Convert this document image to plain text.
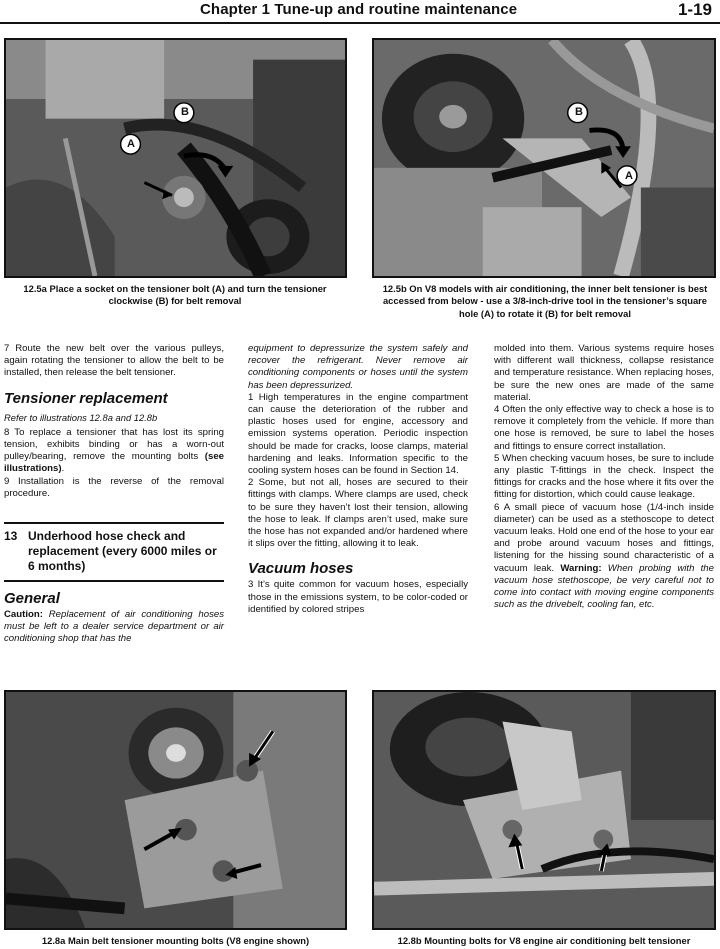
Chapter 1 Tune-up and routine maintenance	1-19
A
B
12.5a Place a socket on the tensioner bolt (A) and turn the tensioner clockwise (B) for belt removal
B
A
12.5b On V8 models with air conditioning, the inner belt tensioner is best accessed from below - use a 3/8-inch-drive tool in the tensioner’s square hole (A) to rotate it (B) for belt removal

7 Route the new belt over the various pulleys, again rotating the tensioner to allow the belt to be installed, then release the belt tensioner.

Tensioner replacement
Refer to illustrations 12.8a and 12.8b

8 To replace a tensioner that has lost its spring tension, exhibits binding or has a worn-out pulley/bearing, remove the mounting bolts (see illustrations).

9 Installation is the reverse of the removal procedure.

13 Underhood hose check and replacement (every 6000 miles or 6 months)
General

Caution: Replacement of air conditioning hoses must be left to a dealer service department or air conditioning shop that has the

equipment to depressurize the system safely and recover the refrigerant. Never remove air conditioning components or hoses until the system has been depressurized.

1 High temperatures in the engine compartment can cause the deterioration of the rubber and plastic hoses used for engine, accessory and emission systems operation. Periodic inspection should be made for cracks, loose clamps, material hardening and leaks. Information specific to the cooling system hoses can be found in Section 14.

2 Some, but not all, hoses are secured to their fittings with clamps. Where clamps are used, check to be sure they haven’t lost their tension, allowing the hose to leak. If clamps aren’t used, make sure the hose has not expanded and/or hardened where it slips over the fitting, allowing it to leak.

Vacuum hoses

3 It’s quite common for vacuum hoses, especially those in the emissions system, to be color-coded or identified by colored stripes

molded into them. Various systems require hoses with different wall thickness, collapse resistance and temperature resistance. When replacing hoses, be sure the new ones are made of the same material.

4 Often the only effective way to check a hose is to remove it completely from the vehicle. If more than one hose is removed, be sure to label the hoses and fittings to ensure correct installation.

5 When checking vacuum hoses, be sure to include any plastic T-fittings in the check. Inspect the fittings for cracks and the hose where it fits over the fitting for distortion, which could cause leakage.

6 A small piece of vacuum hose (1/4-inch inside diameter) can be used as a stethoscope to detect vacuum leaks. Hold one end of the hose to your ear and probe around vacuum hoses and fittings, listening for the hissing sound characteristic of a vacuum leak. Warning: When probing with the vacuum hose stethoscope, be very careful not to come into contact with moving engine components such as the drivebelt, cooling fan, etc.

12.8a Main belt tensioner mounting bolts (V8 engine shown)	12.8b Mounting bolts for V8 engine air conditioning belt tensioner
